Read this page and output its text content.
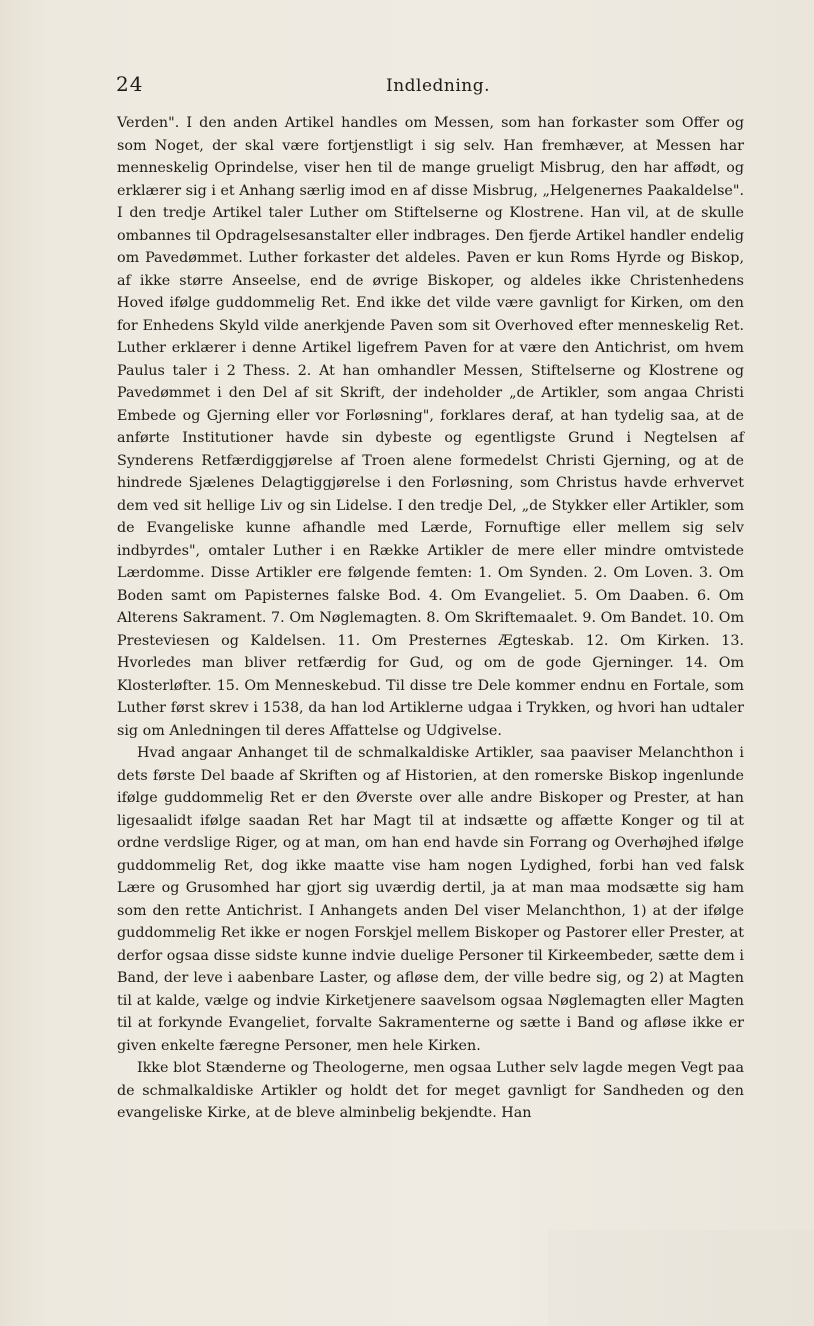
24	Indledning.

Verden". I den anden Artikel handles om Messen, som han forkaster som Offer og som Noget, der skal være fortjenstligt i sig selv. Han fremhæver, at Messen har menneskelig Oprindelse, viser hen til de mange grueligt Misbrug, den har affødt, og erklærer sig i et Anhang særlig imod en af disse Misbrug, „Helgenernes Paakaldelse". I den tredje Artikel taler Luther om Stiftelserne og Klostrene. Han vil, at de skulle ombannes til Opdragelsesanstalter eller indbrages. Den fjerde Artikel handler endelig om Pavedømmet. Luther forkaster det aldeles. Paven er kun Roms Hyrde og Biskop, af ikke større Anseelse, end de øvrige Biskoper, og aldeles ikke Christenhedens Hoved ifølge guddommelig Ret. End ikke det vilde være gavnligt for Kirken, om den for Enhedens Skyld vilde anerkjende Paven som sit Overhoved efter menneskelig Ret. Luther erklærer i denne Artikel ligefrem Paven for at være den Antichrist, om hvem Paulus taler i 2 Thess. 2. At han omhandler Messen, Stiftelserne og Klostrene og Pavedømmet i den Del af sit Skrift, der indeholder „de Artikler, som angaa Christi Embede og Gjerning eller vor Forløsning", forklares deraf, at han tydelig saa, at de anførte Institutioner havde sin dybeste og egentligste Grund i Negtelsen af Synderens Retfærdiggjørelse af Troen alene formedelst Christi Gjerning, og at de hindrede Sjælenes Delagtiggjørelse i den Forløsning, som Christus havde erhvervet dem ved sit hellige Liv og sin Lidelse. I den tredje Del, „de Stykker eller Artikler, som de Evangeliske kunne afhandle med Lærde, Fornuftige eller mellem sig selv indbyrdes", omtaler Luther i en Række Artikler de mere eller mindre omtvistede Lærdomme. Disse Artikler ere følgende femten: 1. Om Synden. 2. Om Loven. 3. Om Boden samt om Papisternes falske Bod. 4. Om Evangeliet. 5. Om Daaben. 6. Om Alterens Sakrament. 7. Om Nøglemagten. 8. Om Skriftemaalet. 9. Om Bandet. 10. Om Presteviesen og Kaldelsen. 11. Om Presternes Ægteskab. 12. Om Kirken. 13. Hvorledes man bliver retfærdig for Gud, og om de gode Gjerninger. 14. Om Klosterløfter. 15. Om Menneskebud. Til disse tre Dele kommer endnu en Fortale, som Luther først skrev i 1538, da han lod Artiklerne udgaa i Trykken, og hvori han udtaler sig om Anledningen til deres Affattelse og Udgivelse.

Hvad angaar Anhanget til de schmalkaldiske Artikler, saa paaviser Melanchthon i dets første Del baade af Skriften og af Historien, at den romerske Biskop ingenlunde ifølge guddommelig Ret er den Øverste over alle andre Biskoper og Prester, at han ligesaalidt ifølge saadan Ret har Magt til at indsætte og affætte Konger og til at ordne verdslige Riger, og at man, om han end havde sin Forrang og Overhøjhed ifølge guddommelig Ret, dog ikke maatte vise ham nogen Lydighed, forbi han ved falsk Lære og Grusomhed har gjort sig uværdig dertil, ja at man maa modsætte sig ham som den rette Antichrist. I Anhangets anden Del viser Melanchthon, 1) at der ifølge guddommelig Ret ikke er nogen Forskjel mellem Biskoper og Pastorer eller Prester, at derfor ogsaa disse sidste kunne indvie duelige Personer til Kirkeembeder, sætte dem i Band, der leve i aabenbare Laster, og afløse dem, der ville bedre sig, og 2) at Magten til at kalde, vælge og indvie Kirketjenere saavelsom ogsaa Nøglemagten eller Magten til at forkynde Evangeliet, forvalte Sakramenterne og sætte i Band og afløse ikke er given enkelte færegne Personer, men hele Kirken.

Ikke blot Stænderne og Theologerne, men ogsaa Luther selv lagde megen Vegt paa de schmalkaldiske Artikler og holdt det for meget gavnligt for Sandheden og den evangeliske Kirke, at de bleve alminbelig bekjendte. Han
